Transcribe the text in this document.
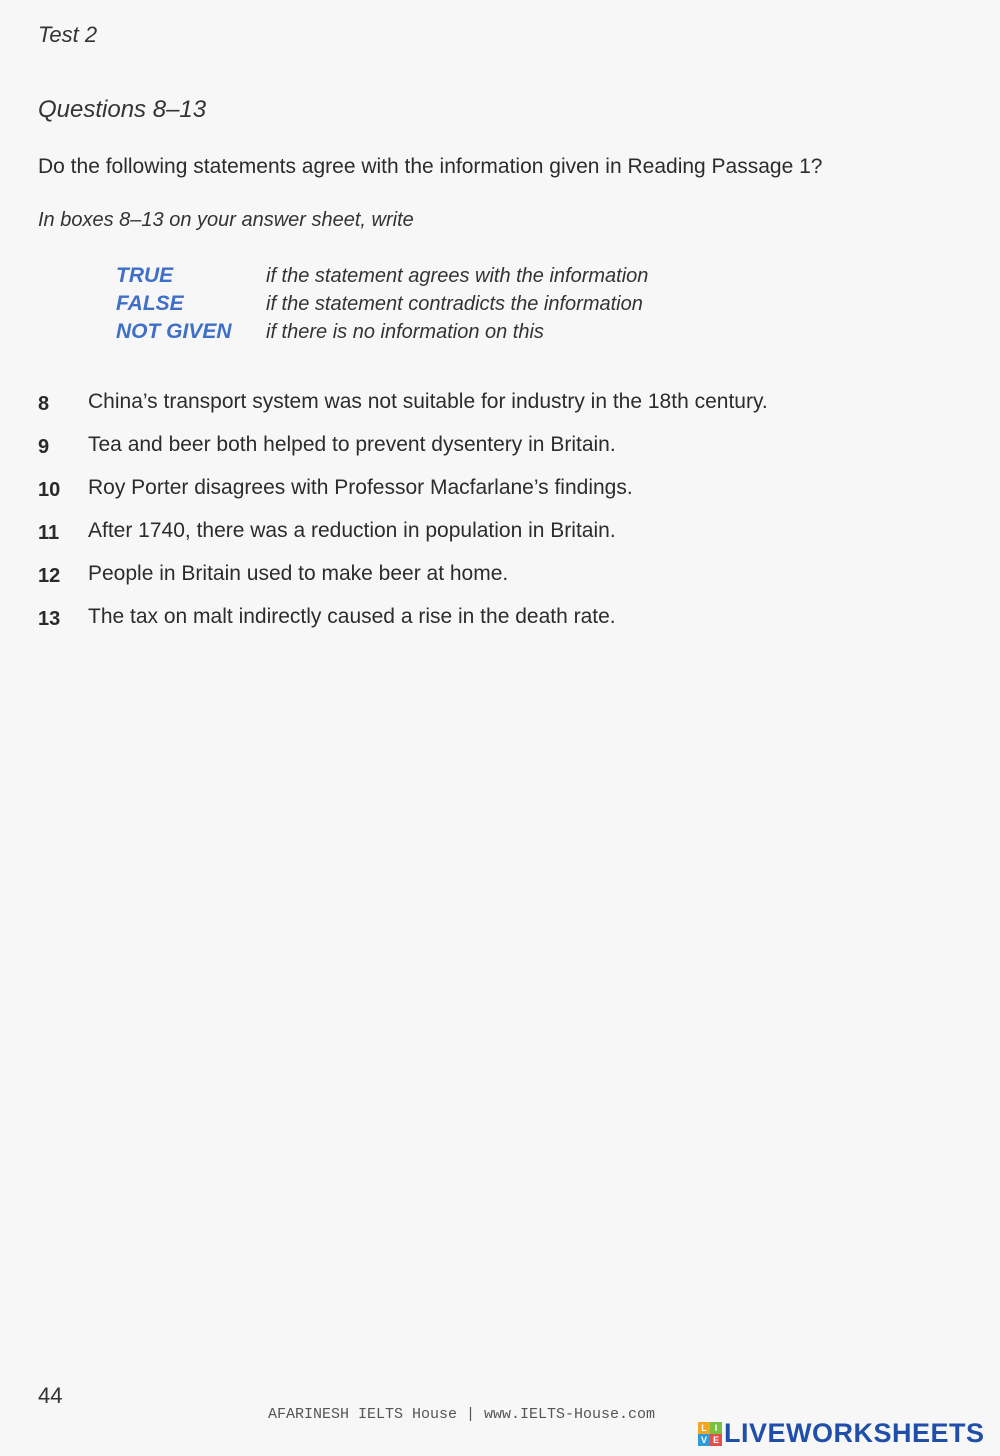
Test 2
Questions 8–13
Do the following statements agree with the information given in Reading Passage 1?
In boxes 8–13 on your answer sheet, write
TRUE	if the statement agrees with the information
FALSE	if the statement contradicts the information
NOT GIVEN	if there is no information on this
8	China’s transport system was not suitable for industry in the 18th century.
9	Tea and beer both helped to prevent dysentery in Britain.
10	Roy Porter disagrees with Professor Macfarlane’s findings.
11	After 1740, there was a reduction in population in Britain.
12	People in Britain used to make beer at home.
13	The tax on malt indirectly caused a rise in the death rate.
44
AFARINESH IELTS House | www.IELTS-House.com
L I
V E LIVEWORKSHEETS
